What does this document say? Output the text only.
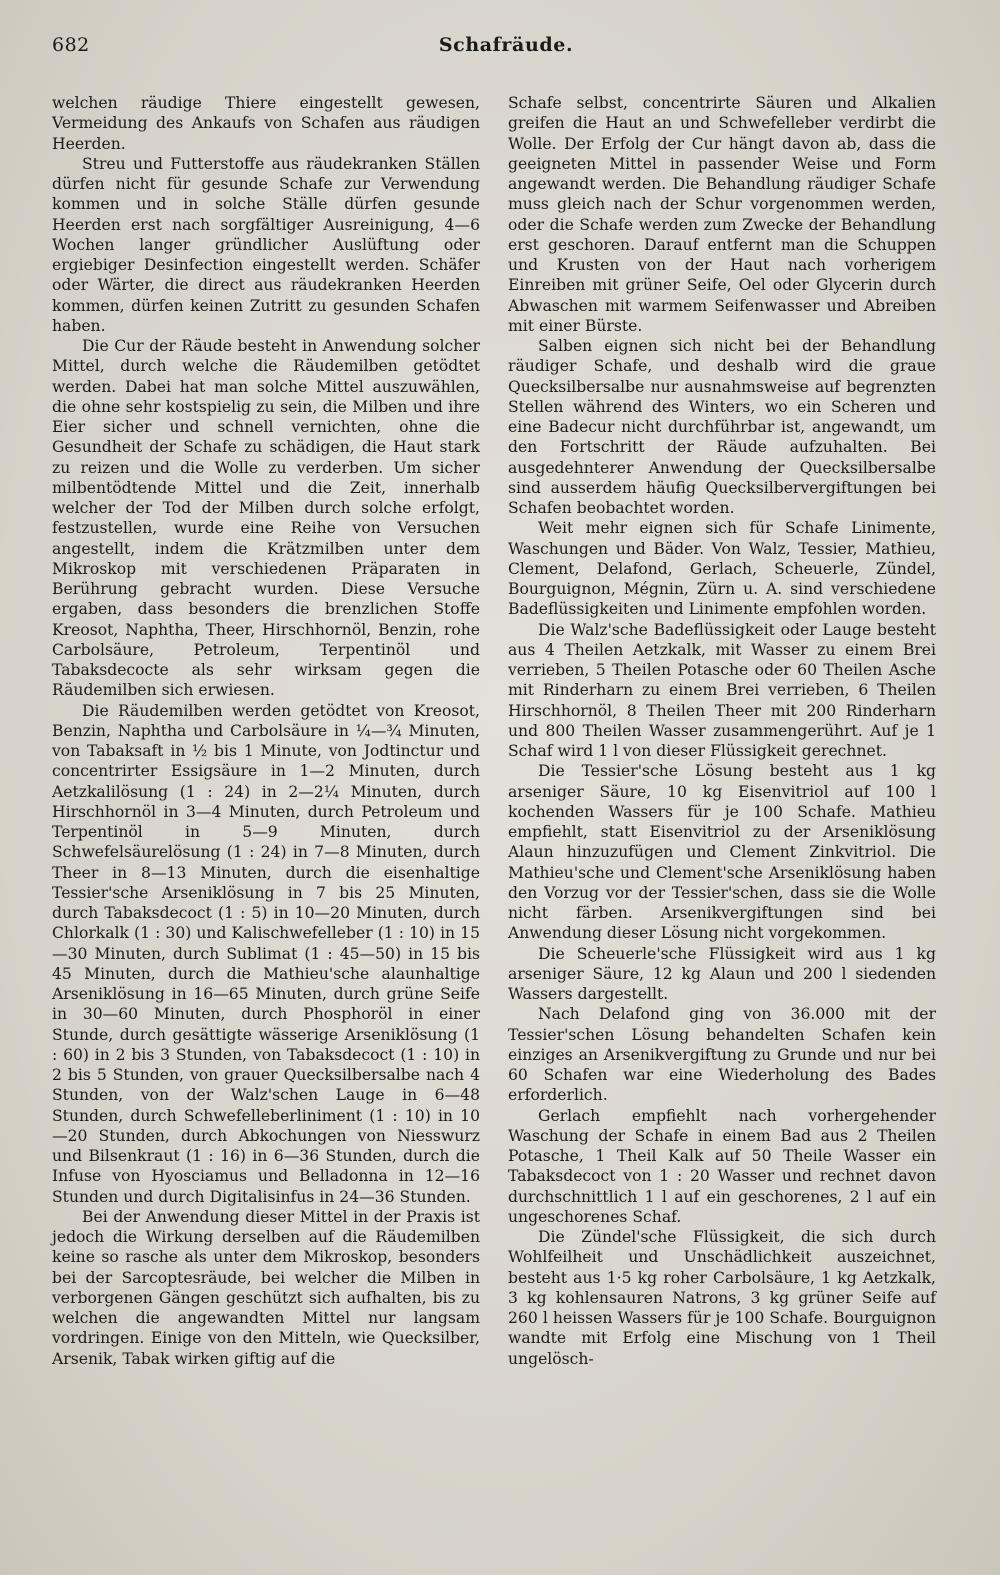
682	Schafräude.

welchen räudige Thiere eingestellt gewesen, Vermeidung des Ankaufs von Schafen aus räudigen Heerden.

Streu und Futterstoffe aus räudekranken Ställen dürfen nicht für gesunde Schafe zur Verwendung kommen und in solche Ställe dürfen gesunde Heerden erst nach sorgfältiger Ausreinigung, 4—6 Wochen langer gründlicher Auslüftung oder ergiebiger Desinfection eingestellt werden. Schäfer oder Wärter, die direct aus räudekranken Heerden kommen, dürfen keinen Zutritt zu gesunden Schafen haben.

Die Cur der Räude besteht in Anwendung solcher Mittel, durch welche die Räudemilben getödtet werden. Dabei hat man solche Mittel auszuwählen, die ohne sehr kostspielig zu sein, die Milben und ihre Eier sicher und schnell vernichten, ohne die Gesundheit der Schafe zu schädigen, die Haut stark zu reizen und die Wolle zu verderben. Um sicher milbentödtende Mittel und die Zeit, innerhalb welcher der Tod der Milben durch solche erfolgt, festzustellen, wurde eine Reihe von Versuchen angestellt, indem die Krätzmilben unter dem Mikroskop mit verschiedenen Präparaten in Berührung gebracht wurden. Diese Versuche ergaben, dass besonders die brenzlichen Stoffe Kreosot, Naphtha, Theer, Hirschhornöl, Benzin, rohe Carbolsäure, Petroleum, Terpentinöl und Tabaksdecocte als sehr wirksam gegen die Räudemilben sich erwiesen.

Die Räudemilben werden getödtet von Kreosot, Benzin, Naphtha und Carbolsäure in ¼—¾ Minuten, von Tabaksaft in ½ bis 1 Minute, von Jodtinctur und concentrirter Essigsäure in 1—2 Minuten, durch Aetzkalilösung (1 : 24) in 2—2¼ Minuten, durch Hirschhornöl in 3—4 Minuten, durch Petroleum und Terpentinöl in 5—9 Minuten, durch Schwefelsäurelösung (1 : 24) in 7—8 Minuten, durch Theer in 8—13 Minuten, durch die eisenhaltige Tessier'sche Arseniklösung in 7 bis 25 Minuten, durch Tabaksdecoct (1 : 5) in 10—20 Minuten, durch Chlorkalk (1 : 30) und Kalischwefelleber (1 : 10) in 15—30 Minuten, durch Sublimat (1 : 45—50) in 15 bis 45 Minuten, durch die Mathieu'sche alaunhaltige Arseniklösung in 16—65 Minuten, durch grüne Seife in 30—60 Minuten, durch Phosphoröl in einer Stunde, durch gesättigte wässerige Arseniklösung (1 : 60) in 2 bis 3 Stunden, von Tabaksdecoct (1 : 10) in 2 bis 5 Stunden, von grauer Quecksilbersalbe nach 4 Stunden, von der Walz'schen Lauge in 6—48 Stunden, durch Schwefelleberliniment (1 : 10) in 10—20 Stunden, durch Abkochungen von Niesswurz und Bilsenkraut (1 : 16) in 6—36 Stunden, durch die Infuse von Hyosciamus und Belladonna in 12—16 Stunden und durch Digitalisinfus in 24—36 Stunden.

Bei der Anwendung dieser Mittel in der Praxis ist jedoch die Wirkung derselben auf die Räudemilben keine so rasche als unter dem Mikroskop, besonders bei der Sarcoptesräude, bei welcher die Milben in verborgenen Gängen geschützt sich aufhalten, bis zu welchen die angewandten Mittel nur langsam vordringen. Einige von den Mitteln, wie Quecksilber, Arsenik, Tabak wirken giftig auf die

Schafe selbst, concentrirte Säuren und Alkalien greifen die Haut an und Schwefelleber verdirbt die Wolle. Der Erfolg der Cur hängt davon ab, dass die geeigneten Mittel in passender Weise und Form angewandt werden. Die Behandlung räudiger Schafe muss gleich nach der Schur vorgenommen werden, oder die Schafe werden zum Zwecke der Behandlung erst geschoren. Darauf entfernt man die Schuppen und Krusten von der Haut nach vorherigem Einreiben mit grüner Seife, Oel oder Glycerin durch Abwaschen mit warmem Seifenwasser und Abreiben mit einer Bürste.

Salben eignen sich nicht bei der Behandlung räudiger Schafe, und deshalb wird die graue Quecksilbersalbe nur ausnahmsweise auf begrenzten Stellen während des Winters, wo ein Scheren und eine Badecur nicht durchführbar ist, angewandt, um den Fortschritt der Räude aufzuhalten. Bei ausgedehnterer Anwendung der Quecksilbersalbe sind ausserdem häufig Quecksilbervergiftungen bei Schafen beobachtet worden.

Weit mehr eignen sich für Schafe Linimente, Waschungen und Bäder. Von Walz, Tessier, Mathieu, Clement, Delafond, Gerlach, Scheuerle, Zündel, Bourguignon, Mégnin, Zürn u. A. sind verschiedene Badeflüssigkeiten und Linimente empfohlen worden.

Die Walz'sche Badeflüssigkeit oder Lauge besteht aus 4 Theilen Aetzkalk, mit Wasser zu einem Brei verrieben, 5 Theilen Potasche oder 60 Theilen Asche mit Rinderharn zu einem Brei verrieben, 6 Theilen Hirschhornöl, 8 Theilen Theer mit 200 Rinderharn und 800 Theilen Wasser zusammengerührt. Auf je 1 Schaf wird 1 l von dieser Flüssigkeit gerechnet.

Die Tessier'sche Lösung besteht aus 1 kg arseniger Säure, 10 kg Eisenvitriol auf 100 l kochenden Wassers für je 100 Schafe. Mathieu empfiehlt, statt Eisenvitriol zu der Arseniklösung Alaun hinzuzufügen und Clement Zinkvitriol. Die Mathieu'sche und Clement'sche Arseniklösung haben den Vorzug vor der Tessier'schen, dass sie die Wolle nicht färben. Arsenikvergiftungen sind bei Anwendung dieser Lösung nicht vorgekommen.

Die Scheuerle'sche Flüssigkeit wird aus 1 kg arseniger Säure, 12 kg Alaun und 200 l siedenden Wassers dargestellt.

Nach Delafond ging von 36.000 mit der Tessier'schen Lösung behandelten Schafen kein einziges an Arsenikvergiftung zu Grunde und nur bei 60 Schafen war eine Wiederholung des Bades erforderlich.

Gerlach empfiehlt nach vorhergehender Waschung der Schafe in einem Bad aus 2 Theilen Potasche, 1 Theil Kalk auf 50 Theile Wasser ein Tabaksdecoct von 1 : 20 Wasser und rechnet davon durchschnittlich 1 l auf ein geschorenes, 2 l auf ein ungeschorenes Schaf.

Die Zündel'sche Flüssigkeit, die sich durch Wohlfeilheit und Unschädlichkeit auszeichnet, besteht aus 1·5 kg roher Carbolsäure, 1 kg Aetzkalk, 3 kg kohlensauren Natrons, 3 kg grüner Seife auf 260 l heissen Wassers für je 100 Schafe. Bourguignon wandte mit Erfolg eine Mischung von 1 Theil ungelösch-
